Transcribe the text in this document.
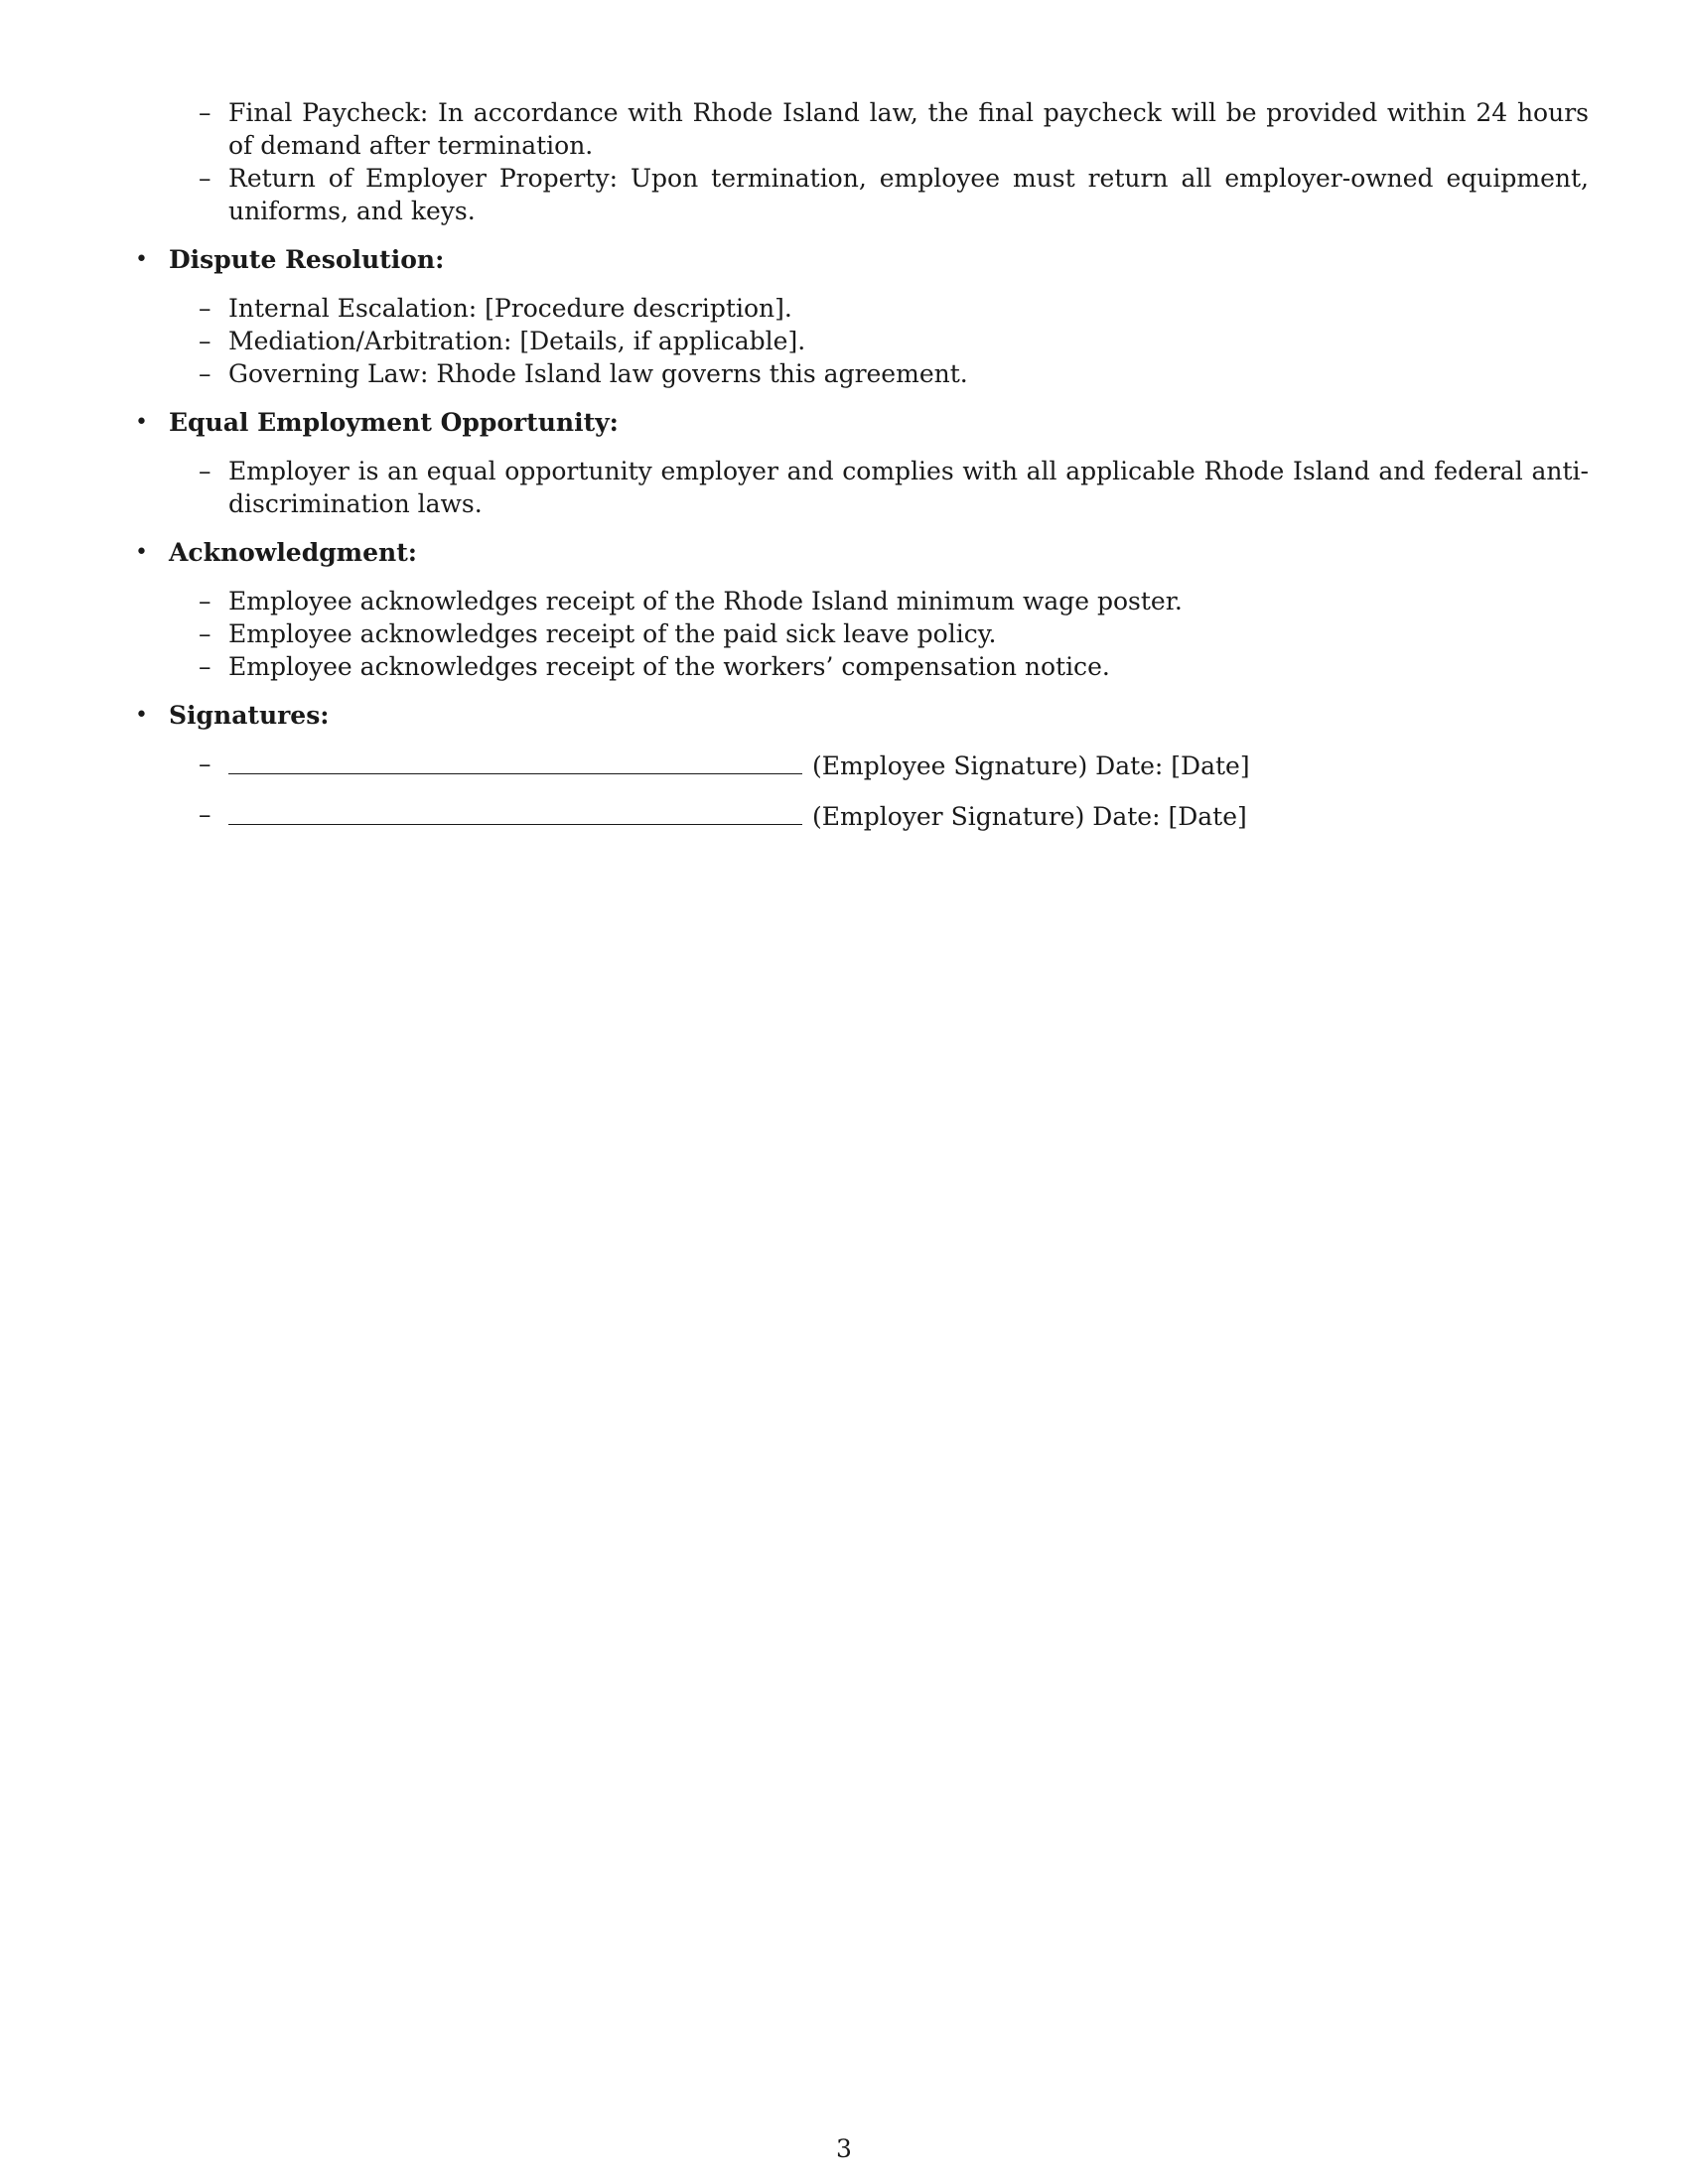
– Final Paycheck: In accordance with Rhode Island law, the final paycheck will be provided within 24 hours of demand after termination.
– Return of Employer Property: Upon termination, employee must return all employer-owned equipment, uniforms, and keys.
• Dispute Resolution:
– Internal Escalation: [Procedure description].
– Mediation/Arbitration: [Details, if applicable].
– Governing Law: Rhode Island law governs this agreement.
• Equal Employment Opportunity:
– Employer is an equal opportunity employer and complies with all applicable Rhode Island and federal anti-discrimination laws.
• Acknowledgment:
– Employee acknowledges receipt of the Rhode Island minimum wage poster.
– Employee acknowledges receipt of the paid sick leave policy.
– Employee acknowledges receipt of the workers’ compensation notice.
• Signatures:
–	(Employee Signature) Date: [Date]
–	(Employer Signature) Date: [Date]
3
